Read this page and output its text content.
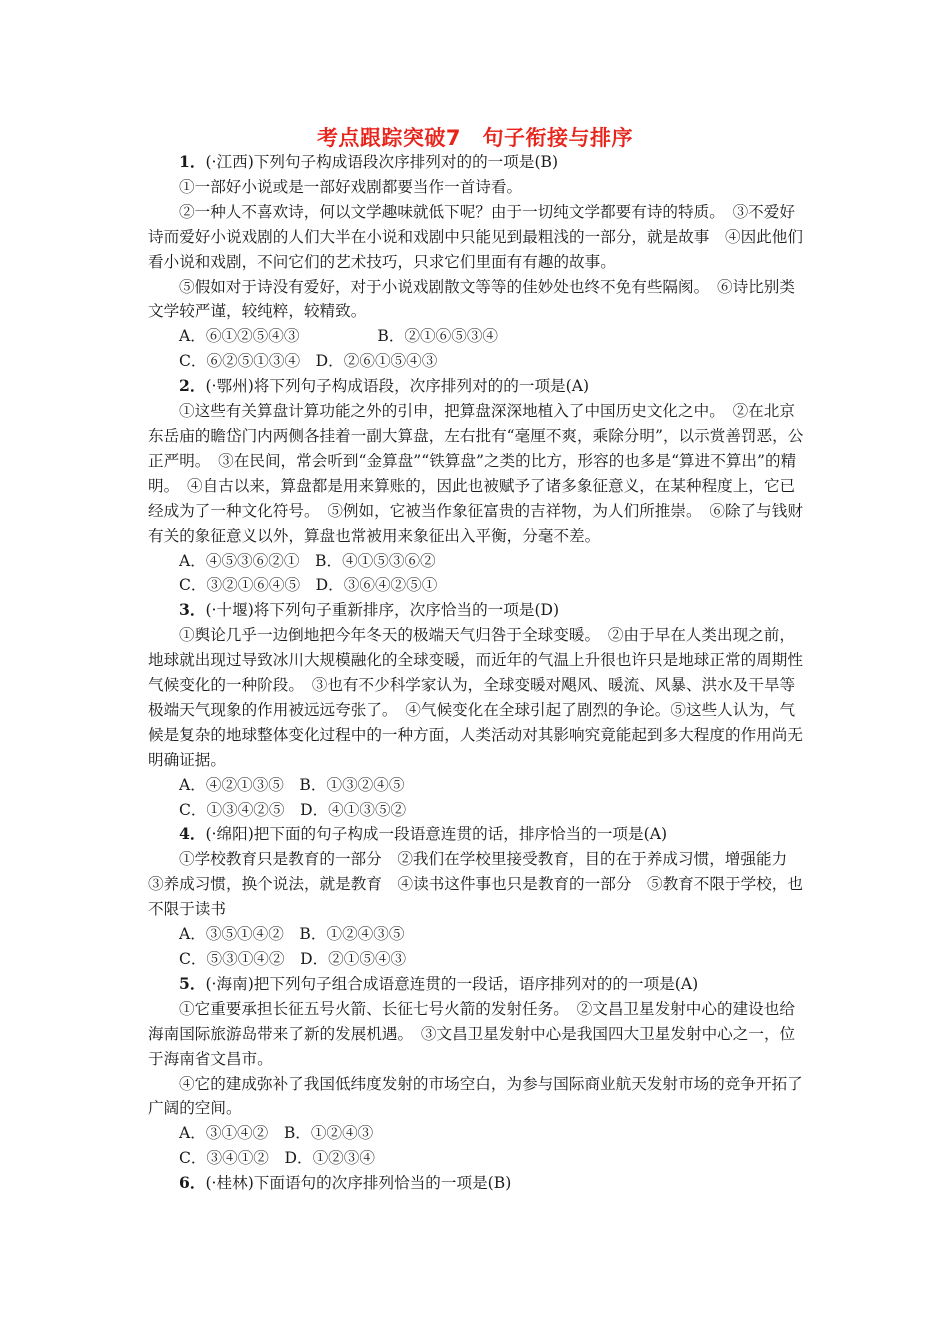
考点跟踪突破7　句子衔接与排序

1．(·江西)下列句子构成语段次序排列对的的一项是(B)

①一部好小说或是一部好戏剧都要当作一首诗看。

②一种人不喜欢诗，何以文学趣味就低下呢？由于一切纯文学都要有诗的特质。　③不爱好诗而爱好小说戏剧的人们大半在小说和戏剧中只能见到最粗浅的一部分，就是故事　④因此他们看小说和戏剧，不问它们的艺术技巧，只求它们里面有有趣的故事。

⑤假如对于诗没有爱好，对于小说戏剧散文等等的佳妙处也终不免有些隔阂。　⑥诗比别类文学较严谨，较纯粹，较精致。

A．⑥①②⑤④③　　　　　B．②①⑥⑤③④

C．⑥②⑤①③④　D．②⑥①⑤④③

2．(·鄂州)将下列句子构成语段，次序排列对的的一项是(A)

①这些有关算盘计算功能之外的引申，把算盘深深地植入了中国历史文化之中。　②在北京东岳庙的瞻岱门内两侧各挂着一副大算盘，左右批有“毫厘不爽，乘除分明”，以示赏善罚恶，公正严明。　③在民间，常会听到“金算盘”“铁算盘”之类的比方，形容的也多是“算进不算出”的精明。　④自古以来，算盘都是用来算账的，因此也被赋予了诸多象征意义，在某种程度上，它已经成为了一种文化符号。　⑤例如，它被当作象征富贵的吉祥物，为人们所推崇。　⑥除了与钱财有关的象征意义以外，算盘也常被用来象征出入平衡，分毫不差。

A．④⑤③⑥②①　B．④①⑤③⑥②

C．③②①⑥④⑤　D．③⑥④②⑤①

3．(·十堰)将下列句子重新排序，次序恰当的一项是(D)

①舆论几乎一边倒地把今年冬天的极端天气归咎于全球变暖。　②由于早在人类出现之前，地球就出现过导致冰川大规模融化的全球变暖，而近年的气温上升很也许只是地球正常的周期性气候变化的一种阶段。　③也有不少科学家认为，全球变暖对飓风、暖流、风暴、洪水及干旱等极端天气现象的作用被远远夸张了。　④气候变化在全球引起了剧烈的争论。⑤这些人认为，气候是复杂的地球整体变化过程中的一种方面，人类活动对其影响究竟能起到多大程度的作用尚无明确证据。

A．④②①③⑤　B．①③②④⑤

C．①③④②⑤　D．④①③⑤②

4．(·绵阳)把下面的句子构成一段语意连贯的话，排序恰当的一项是(A)

①学校教育只是教育的一部分　②我们在学校里接受教育，目的在于养成习惯，增强能力　③养成习惯，换个说法，就是教育　④读书这件事也只是教育的一部分　⑤教育不限于学校，也不限于读书

A．③⑤①④②　B．①②④③⑤

C．⑤③①④②　D．②①⑤④③

5．(·海南)把下列句子组合成语意连贯的一段话，语序排列对的的一项是(A)

①它重要承担长征五号火箭、长征七号火箭的发射任务。　②文昌卫星发射中心的建设也给海南国际旅游岛带来了新的发展机遇。　③文昌卫星发射中心是我国四大卫星发射中心之一，位于海南省文昌市。

④它的建成弥补了我国低纬度发射的市场空白，为参与国际商业航天发射市场的竞争开拓了广阔的空间。

A．③①④②　B．①②④③

C．③④①②　D．①②③④

6．(·桂林)下面语句的次序排列恰当的一项是(B)
